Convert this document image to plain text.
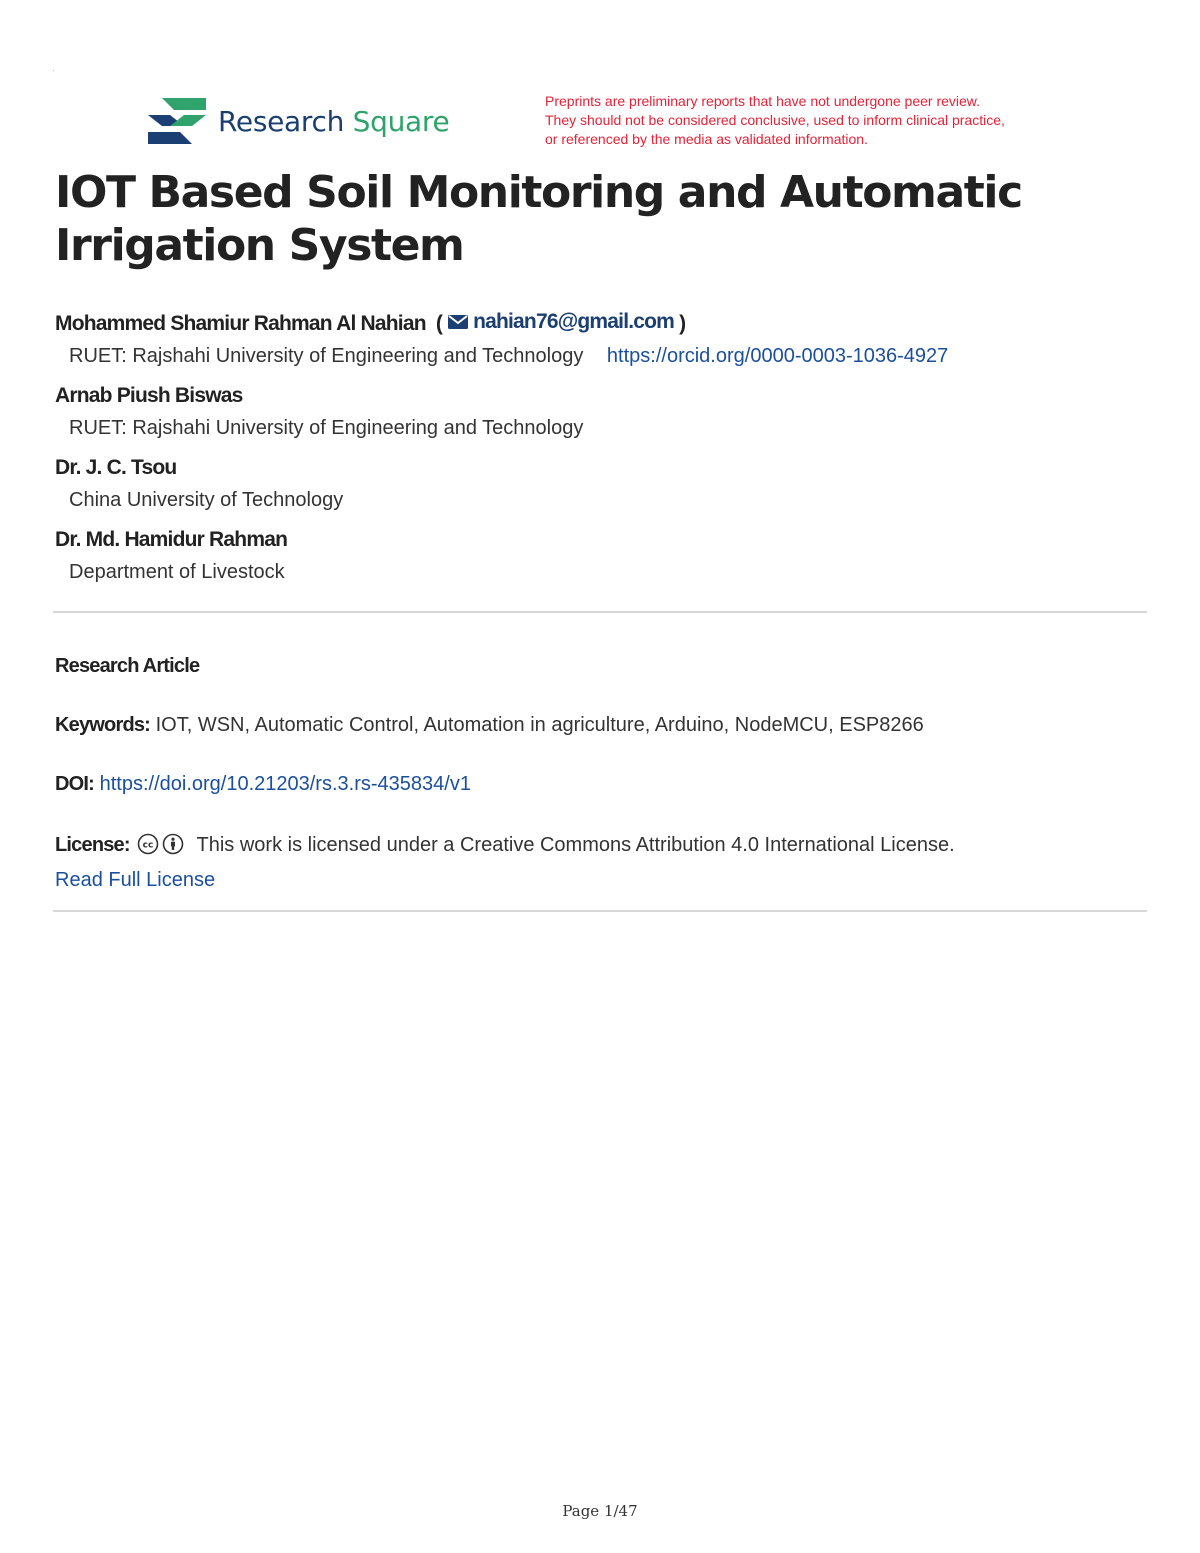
·
Research Square
Preprints are preliminary reports that have not undergone peer review.
They should not be considered conclusive, used to inform clinical practice,
or referenced by the media as validated information.
IOT Based Soil Monitoring and Automatic Irrigation System
Mohammed Shamiur Rahman Al Nahian  ( nahian76@gmail.com )
RUET: Rajshahi University of Engineering and Technology https://orcid.org/0000-0003-1036-4927
Arnab Piush Biswas
RUET: Rajshahi University of Engineering and Technology
Dr. J. C. Tsou
China University of Technology
Dr. Md. Hamidur Rahman
Department of Livestock
Research Article
Keywords: IOT, WSN, Automatic Control, Automation in agriculture, Arduino, NodeMCU, ESP8266
DOI: https://doi.org/10.21203/rs.3.rs-435834/v1
License: cc This work is licensed under a Creative Commons Attribution 4.0 International License.
Read Full License
Page 1/47
